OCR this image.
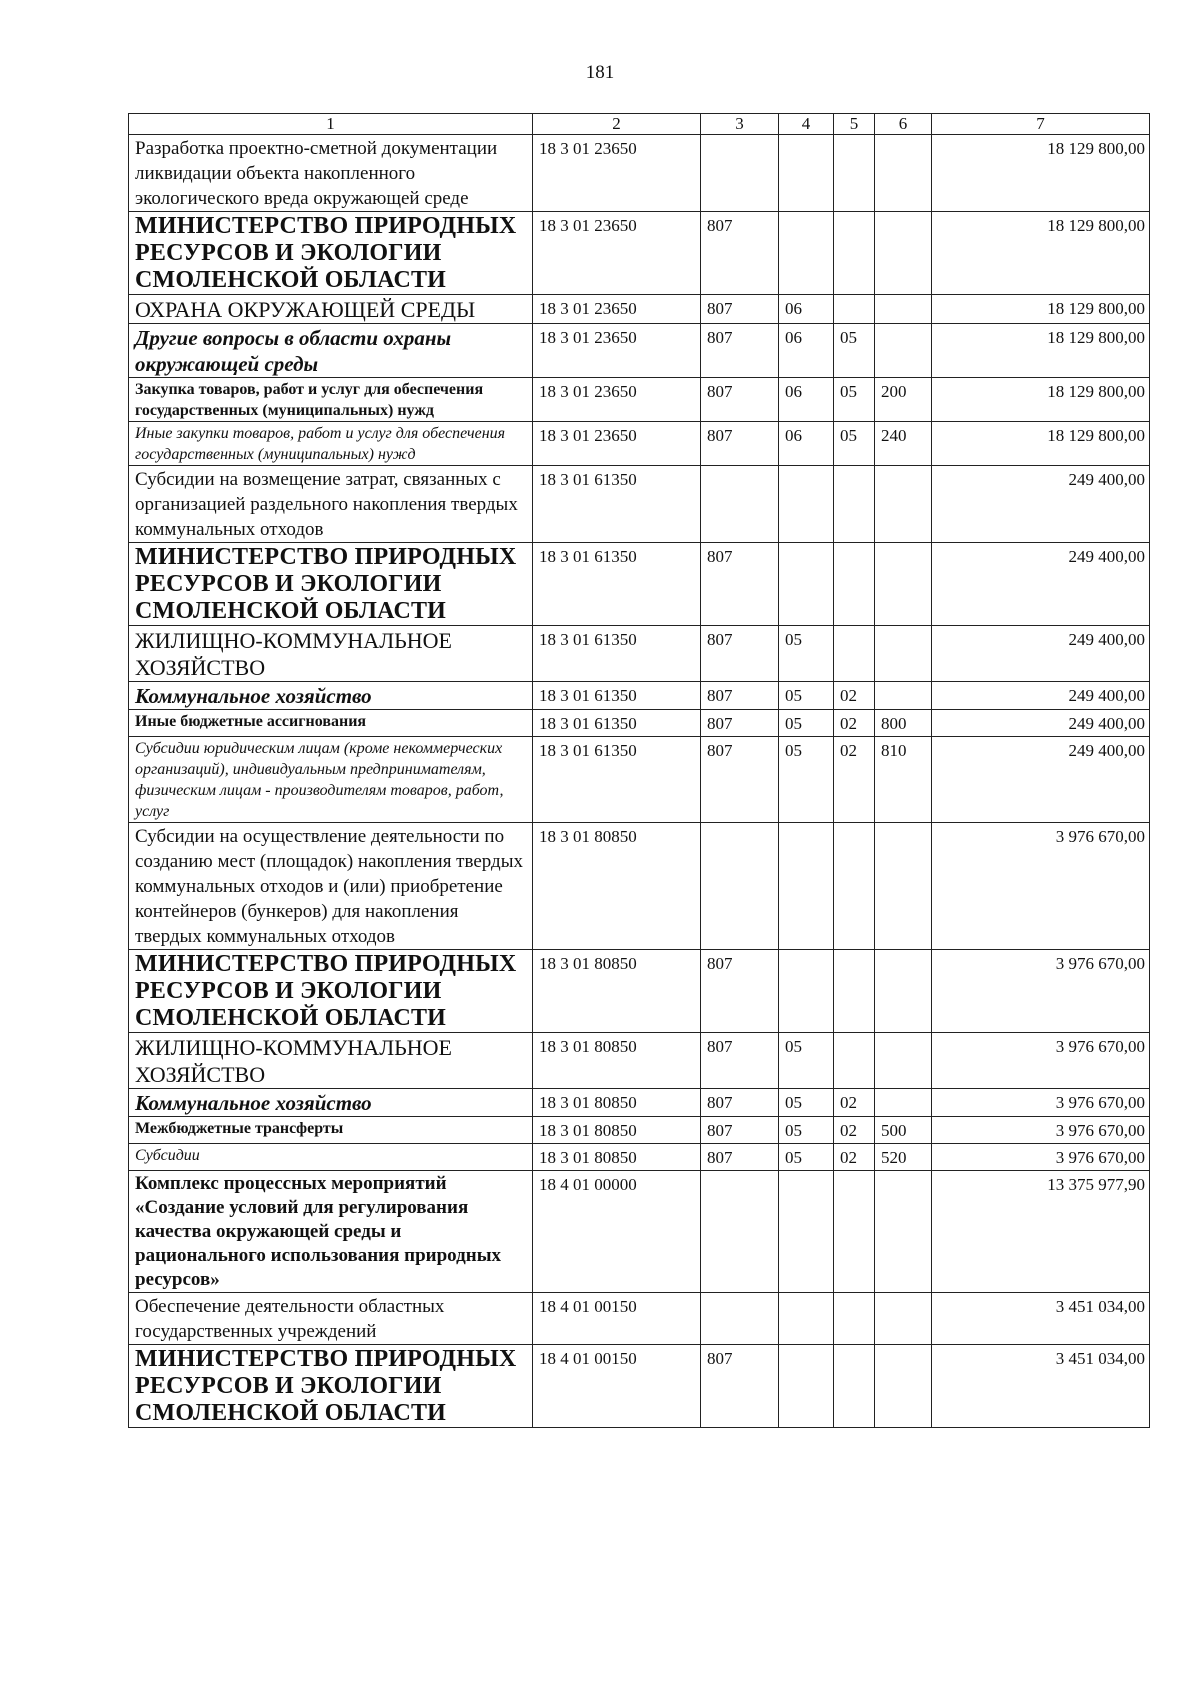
181
1	2	3	4	5	6	7
Разработка проектно-сметной документации ликвидации объекта накопленного экологического вреда окружающей среде	18 3 01 23650					18 129 800,00
МИНИСТЕРСТВО ПРИРОДНЫХ РЕСУРСОВ И ЭКОЛОГИИ СМОЛЕНСКОЙ ОБЛАСТИ	18 3 01 23650	807				18 129 800,00
ОХРАНА ОКРУЖАЮЩЕЙ СРЕДЫ	18 3 01 23650	807	06			18 129 800,00
Другие вопросы в области охраны окружающей среды	18 3 01 23650	807	06	05		18 129 800,00
Закупка товаров, работ и услуг для обеспечения государственных (муниципальных) нужд	18 3 01 23650	807	06	05	200	18 129 800,00
Иные закупки товаров, работ и услуг для обеспечения государственных (муниципальных) нужд	18 3 01 23650	807	06	05	240	18 129 800,00
Субсидии на возмещение затрат, связанных с организацией раздельного накопления твердых коммунальных отходов	18 3 01 61350					249 400,00
МИНИСТЕРСТВО ПРИРОДНЫХ РЕСУРСОВ И ЭКОЛОГИИ СМОЛЕНСКОЙ ОБЛАСТИ	18 3 01 61350	807				249 400,00
ЖИЛИЩНО-КОММУНАЛЬНОЕ ХОЗЯЙСТВО	18 3 01 61350	807	05			249 400,00
Коммунальное хозяйство	18 3 01 61350	807	05	02		249 400,00
Иные бюджетные ассигнования	18 3 01 61350	807	05	02	800	249 400,00
Субсидии юридическим лицам (кроме некоммерческих организаций), индивидуальным предпринимателям, физическим лицам - производителям товаров, работ, услуг	18 3 01 61350	807	05	02	810	249 400,00
Субсидии на осуществление деятельности по созданию мест (площадок) накопления твердых коммунальных отходов и (или) приобретение контейнеров (бункеров) для накопления твердых коммунальных отходов	18 3 01 80850					3 976 670,00
МИНИСТЕРСТВО ПРИРОДНЫХ РЕСУРСОВ И ЭКОЛОГИИ СМОЛЕНСКОЙ ОБЛАСТИ	18 3 01 80850	807				3 976 670,00
ЖИЛИЩНО-КОММУНАЛЬНОЕ ХОЗЯЙСТВО	18 3 01 80850	807	05			3 976 670,00
Коммунальное хозяйство	18 3 01 80850	807	05	02		3 976 670,00
Межбюджетные трансферты	18 3 01 80850	807	05	02	500	3 976 670,00
Субсидии	18 3 01 80850	807	05	02	520	3 976 670,00
Комплекс процессных мероприятий «Создание условий для регулирования качества окружающей среды и рационального использования природных ресурсов»	18 4 01 00000					13 375 977,90
Обеспечение деятельности областных государственных учреждений	18 4 01 00150					3 451 034,00
МИНИСТЕРСТВО ПРИРОДНЫХ РЕСУРСОВ И ЭКОЛОГИИ СМОЛЕНСКОЙ ОБЛАСТИ	18 4 01 00150	807				3 451 034,00
